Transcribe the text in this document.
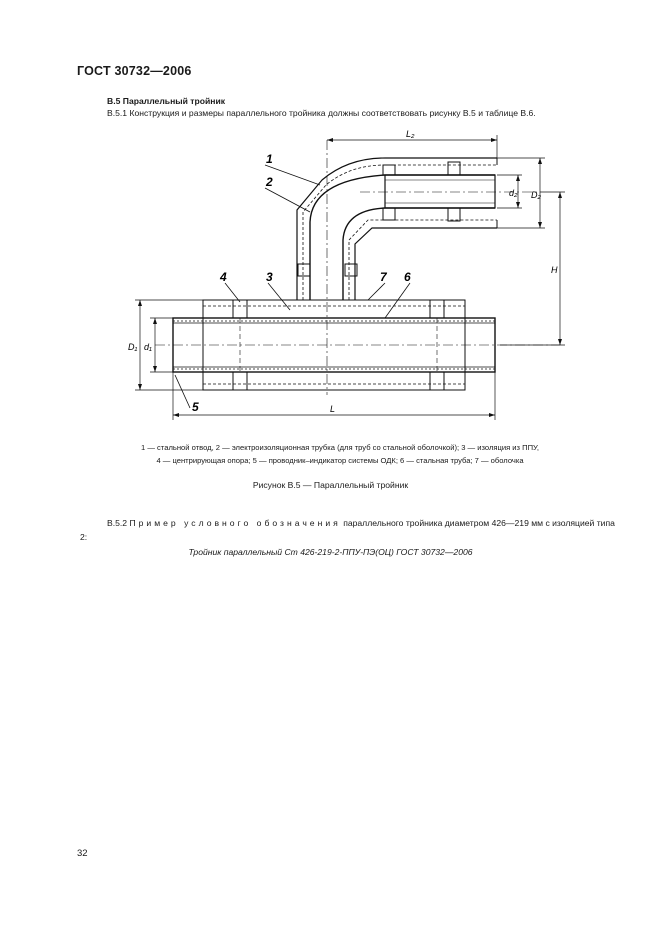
ГОСТ 30732—2006
В.5 Параллельный тройник
В.5.1 Конструкция и размеры параллельного тройника должны соответствовать рисунку В.5 и таблице В.6.
1
2
3
4
5
6
7
L₂
D₂
d₂
H
L
D₁ d₁
1 — стальной отвод, 2 — электроизоляционная трубка (для труб со стальной оболочкой); 3 — изоляция из ППУ,
4 — центрирующая опора; 5 — проводник–индикатор системы ОДК; 6 — стальная труба; 7 — оболочка
Рисунок В.5 — Параллельный тройник
В.5.2 Пример условного обозначения параллельного тройника диаметром 426—219 мм с изоляцией типа 2:
Тройник параллельный Ст 426-219-2-ППУ-ПЭ(ОЦ) ГОСТ 30732—2006
32
